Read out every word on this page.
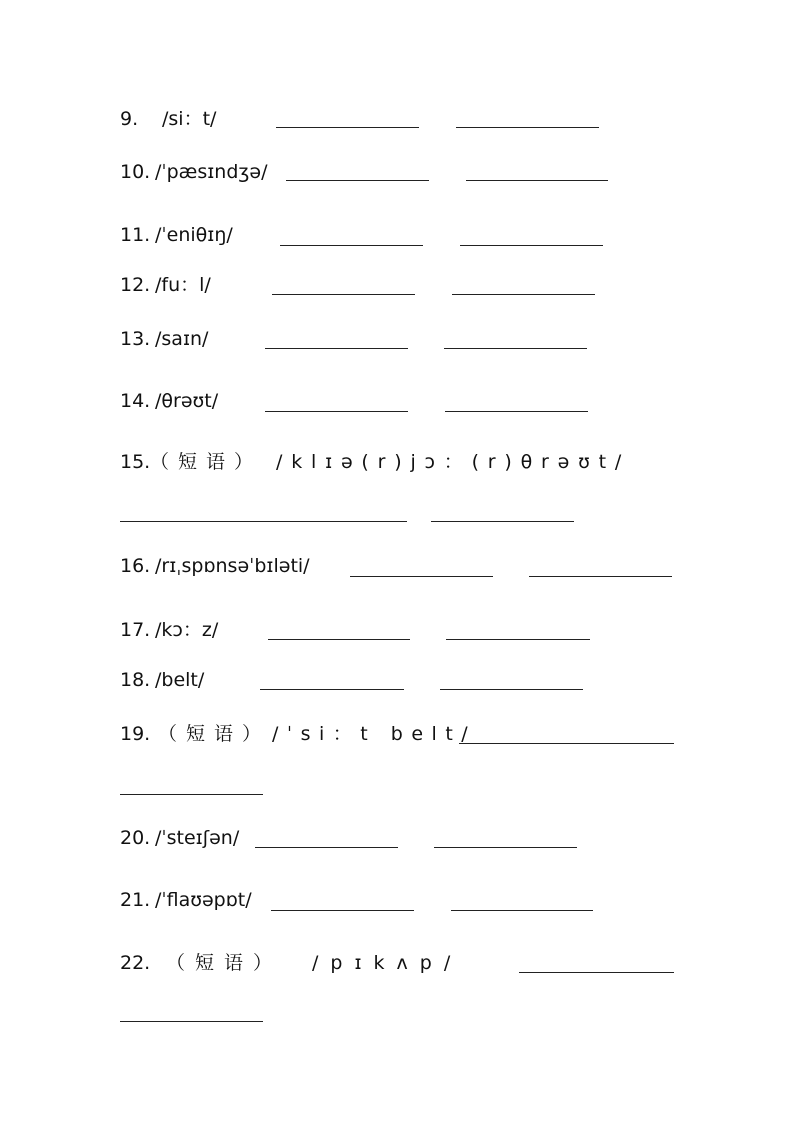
9. /si：t/
10. /ˈpæsɪndʒə/
11. /ˈeniθɪŋ/
12. /fu：l/
13. /saɪn/
14. /θrəʊt/
15. （短语） /klɪə(r)jɔ：(r)θrəʊt/
16. /rɪˌspɒnsəˈbɪləti/
17. /kɔ：z/
18. /belt/
19. （短语） /ˈsi：t belt/
20. /ˈsteɪʃən/
21. /ˈflaʊəpɒt/
22. （短语） /pɪkʌp/
